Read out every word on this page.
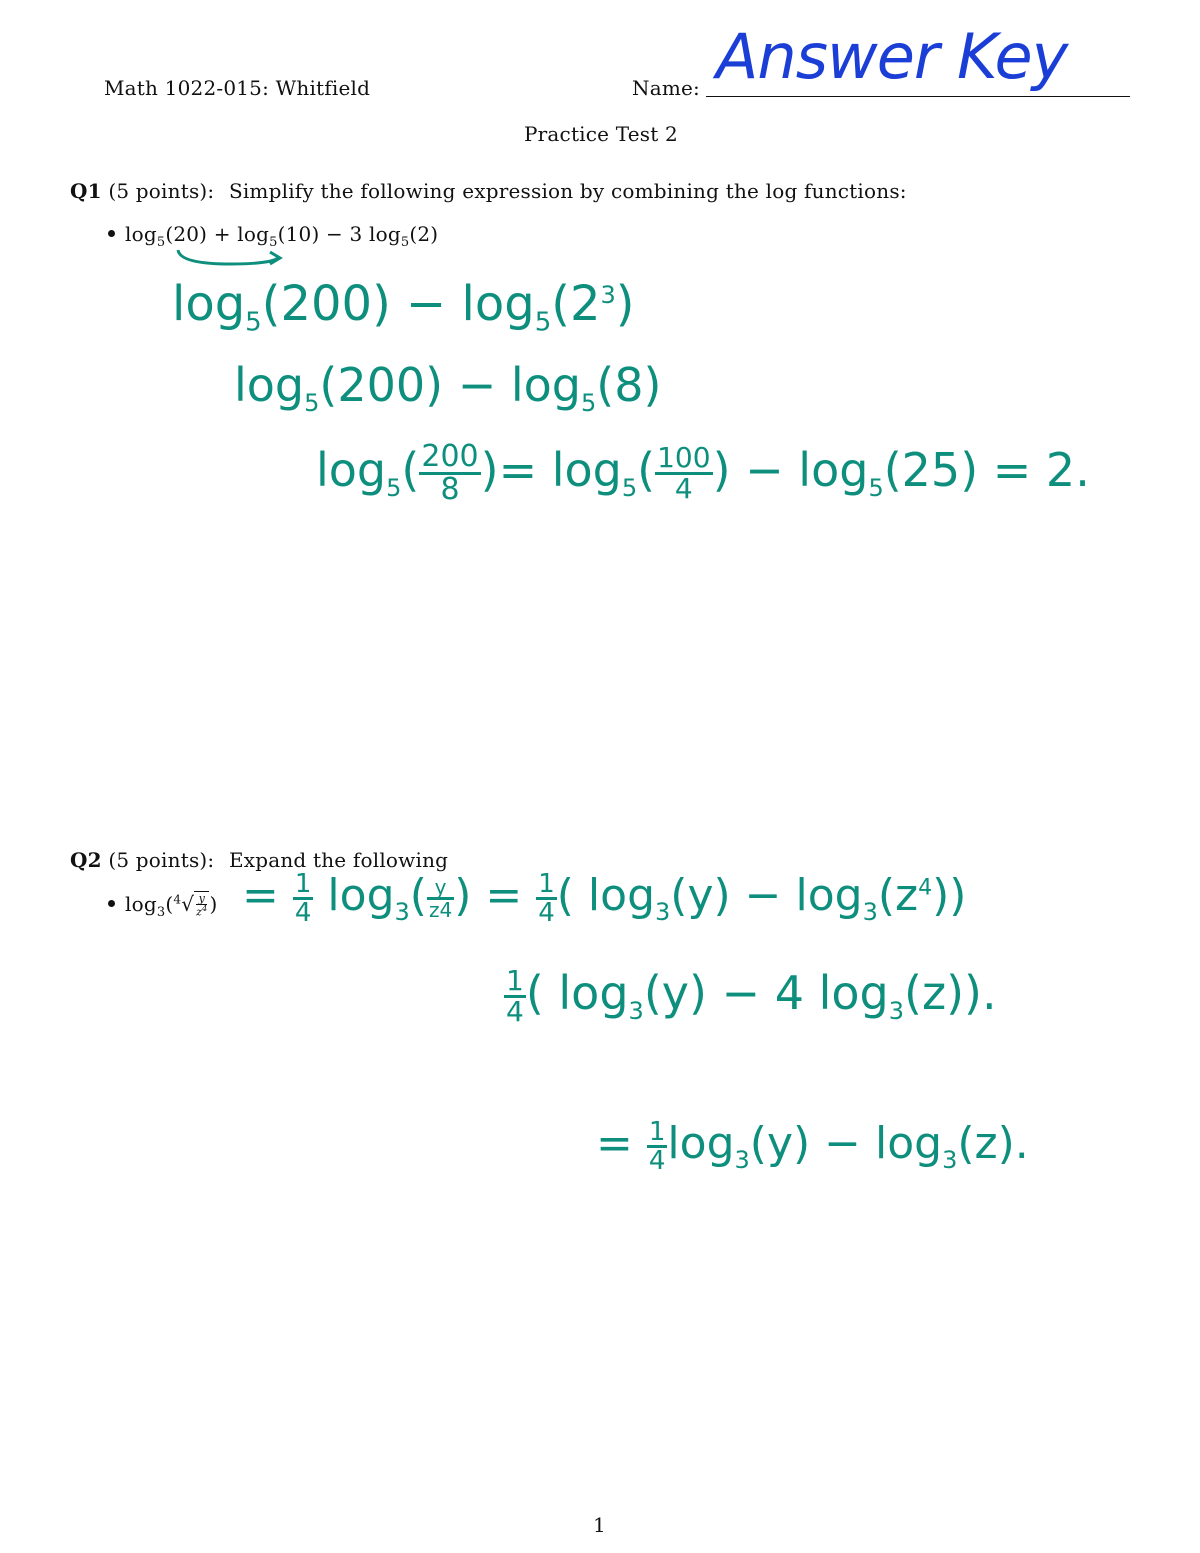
Math 1022-015: Whitfield	Name: Answer Key
Practice Test 2
Q1 (5 points): Simplify the following expression by combining the log functions:
$\log_5(20) + \log_5(10) - 3$ $\log_5(2)$
$\log_5(200) - \log_5(2^3)$
$\log_5(200) - \log_5(8)$
$\log_5( \frac{200}{8}$ )= $\log_5( \frac{100}{4}$ ) − $\log_5(25) = 2$.
Q2 (5 points): Expand the following
$\log_3(^4√ \frac{y}{z^4}$ ) = $\frac{1}{4} \log_3( \frac{y}{z4}$ ) = $\frac{1}{4}$ ( $\log_3(y) - \log_3(z^4)$)
$\frac{1}{4}$ ( $\log_3(y) - 4$ $\log_3(z)$).
= $\frac{1}{4} \log_3(y) - \log_3(z)$.
1
